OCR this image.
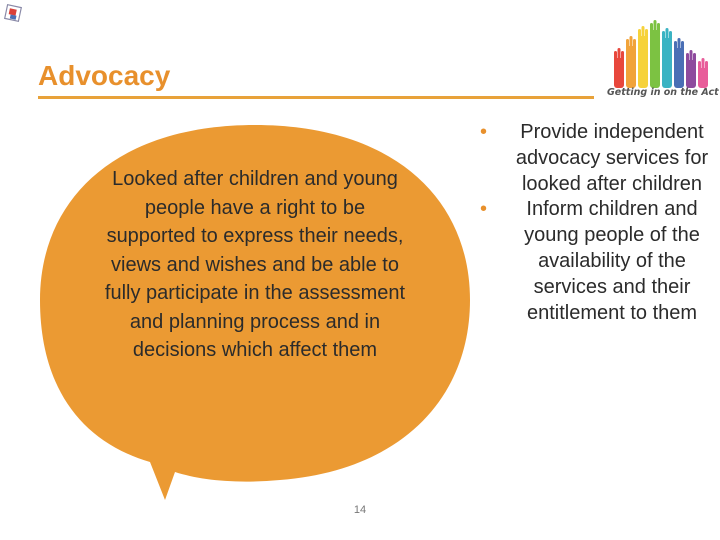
Advocacy
Getting in on the Act

Looked after children and young people have a right to be supported to express their needs, views and wishes and be able to fully participate in the assessment and planning process and in decisions which affect them

• Provide independent advocacy services for looked after children
• Inform children and young people of the availability of the services and their entitlement to them
14
